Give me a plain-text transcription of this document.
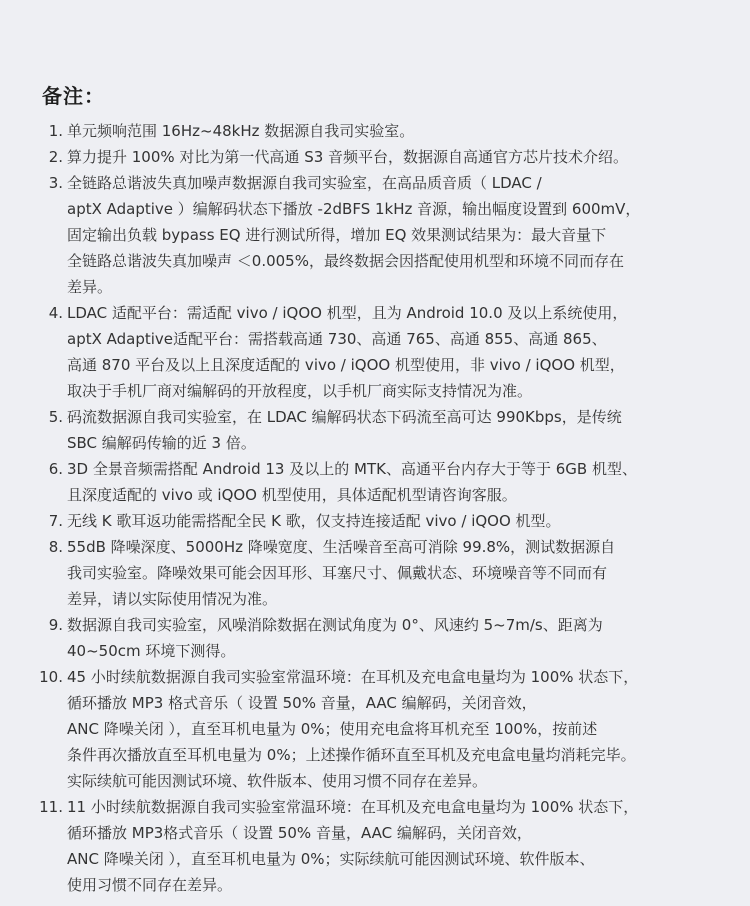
备注：
1. 单元频响范围 16Hz~48kHz 数据源自我司实验室。
2. 算力提升 100% 对比为第一代高通 S3 音频平台，数据源自高通官方芯片技术介绍。
3. 全链路总谐波失真加噪声数据源自我司实验室，在高品质音质（ LDAC /
aptX Adaptive ）编解码状态下播放 -2dBFS 1kHz 音源，输出幅度设置到 600mV，
固定输出负载 bypass EQ 进行测试所得，增加 EQ 效果测试结果为：最大音量下
全链路总谐波失真加噪声 ＜0.005%，最终数据会因搭配使用机型和环境不同而存在
差异。
4. LDAC 适配平台：需适配 vivo / iQOO 机型，且为 Android 10.0 及以上系统使用，
aptX Adaptive适配平台：需搭载高通 730、高通 765、高通 855、高通 865、
高通 870 平台及以上且深度适配的 vivo / iQOO 机型使用，非 vivo / iQOO 机型，
取决于手机厂商对编解码的开放程度，以手机厂商实际支持情况为准。
5. 码流数据源自我司实验室，在 LDAC 编解码状态下码流至高可达 990Kbps，是传统
SBC 编解码传输的近 3 倍。
6. 3D 全景音频需搭配 Android 13 及以上的 MTK、高通平台内存大于等于 6GB 机型、
且深度适配的 vivo 或 iQOO 机型使用，具体适配机型请咨询客服。
7. 无线 K 歌耳返功能需搭配全民 K 歌，仅支持连接适配 vivo / iQOO 机型。
8. 55dB 降噪深度、5000Hz 降噪宽度、生活噪音至高可消除 99.8%，测试数据源自
我司实验室。降噪效果可能会因耳形、耳塞尺寸、佩戴状态、环境噪音等不同而有
差异，请以实际使用情况为准。
9. 数据源自我司实验室，风噪消除数据在测试角度为 0°、风速约 5~7m/s、距离为
40~50cm 环境下测得。
10. 45 小时续航数据源自我司实验室常温环境：在耳机及充电盒电量均为 100% 状态下，
循环播放 MP3 格式音乐（ 设置 50% 音量，AAC 编解码，关闭音效，
ANC 降噪关闭 ），直至耳机电量为 0%；使用充电盒将耳机充至 100%，按前述
条件再次播放直至耳机电量为 0%；上述操作循环直至耳机及充电盒电量均消耗完毕。
实际续航可能因测试环境、软件版本、使用习惯不同存在差异。
11. 11 小时续航数据源自我司实验室常温环境：在耳机及充电盒电量均为 100% 状态下，
循环播放 MP3格式音乐（ 设置 50% 音量，AAC 编解码，关闭音效，
ANC 降噪关闭 ），直至耳机电量为 0%；实际续航可能因测试环境、软件版本、
使用习惯不同存在差异。
